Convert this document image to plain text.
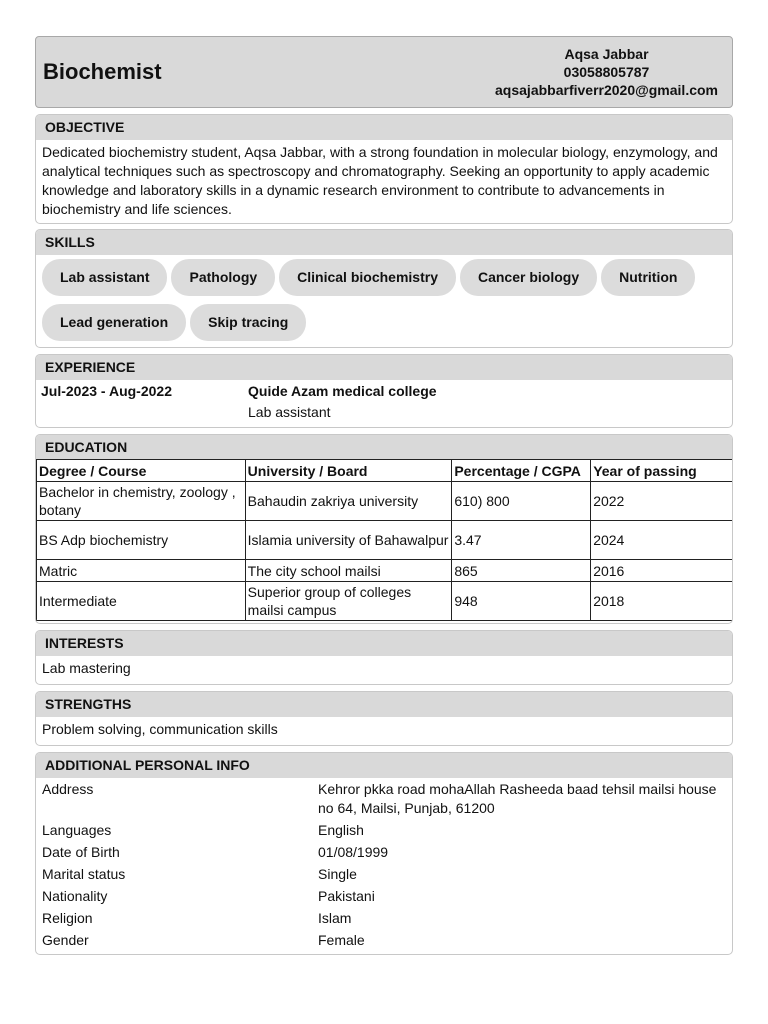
Biochemist
Aqsa Jabbar
03058805787
aqsajabbarfiverr2020@gmail.com
OBJECTIVE
Dedicated biochemistry student, Aqsa Jabbar, with a strong foundation in molecular biology, enzymology, and analytical techniques such as spectroscopy and chromatography. Seeking an opportunity to apply academic knowledge and laboratory skills in a dynamic research environment to contribute to advancements in biochemistry and life sciences.
SKILLS
Lab assistant	Pathology	Clinical biochemistry	Cancer biology	Nutrition
Lead generation	Skip tracing
EXPERIENCE
Jul-2023 - Aug-2022	Quide Azam medical college
Lab assistant
EDUCATION
Degree / Course	University / Board	Percentage / CGPA	Year of passing
Bachelor in chemistry, zoology , botany	Bahaudin zakriya university	610) 800	2022
BS Adp biochemistry	Islamia university of Bahawalpur	3.47	2024
Matric	The city school mailsi	865	2016
Intermediate	Superior group of colleges mailsi campus	948	2018
INTERESTS
Lab mastering
STRENGTHS
Problem solving, communication skills
ADDITIONAL PERSONAL INFO
Address	Kehror pkka road mohaAllah Rasheeda baad tehsil mailsi house no 64, Mailsi, Punjab, 61200
Languages	English
Date of Birth	01/08/1999
Marital status	Single
Nationality	Pakistani
Religion	Islam
Gender	Female
